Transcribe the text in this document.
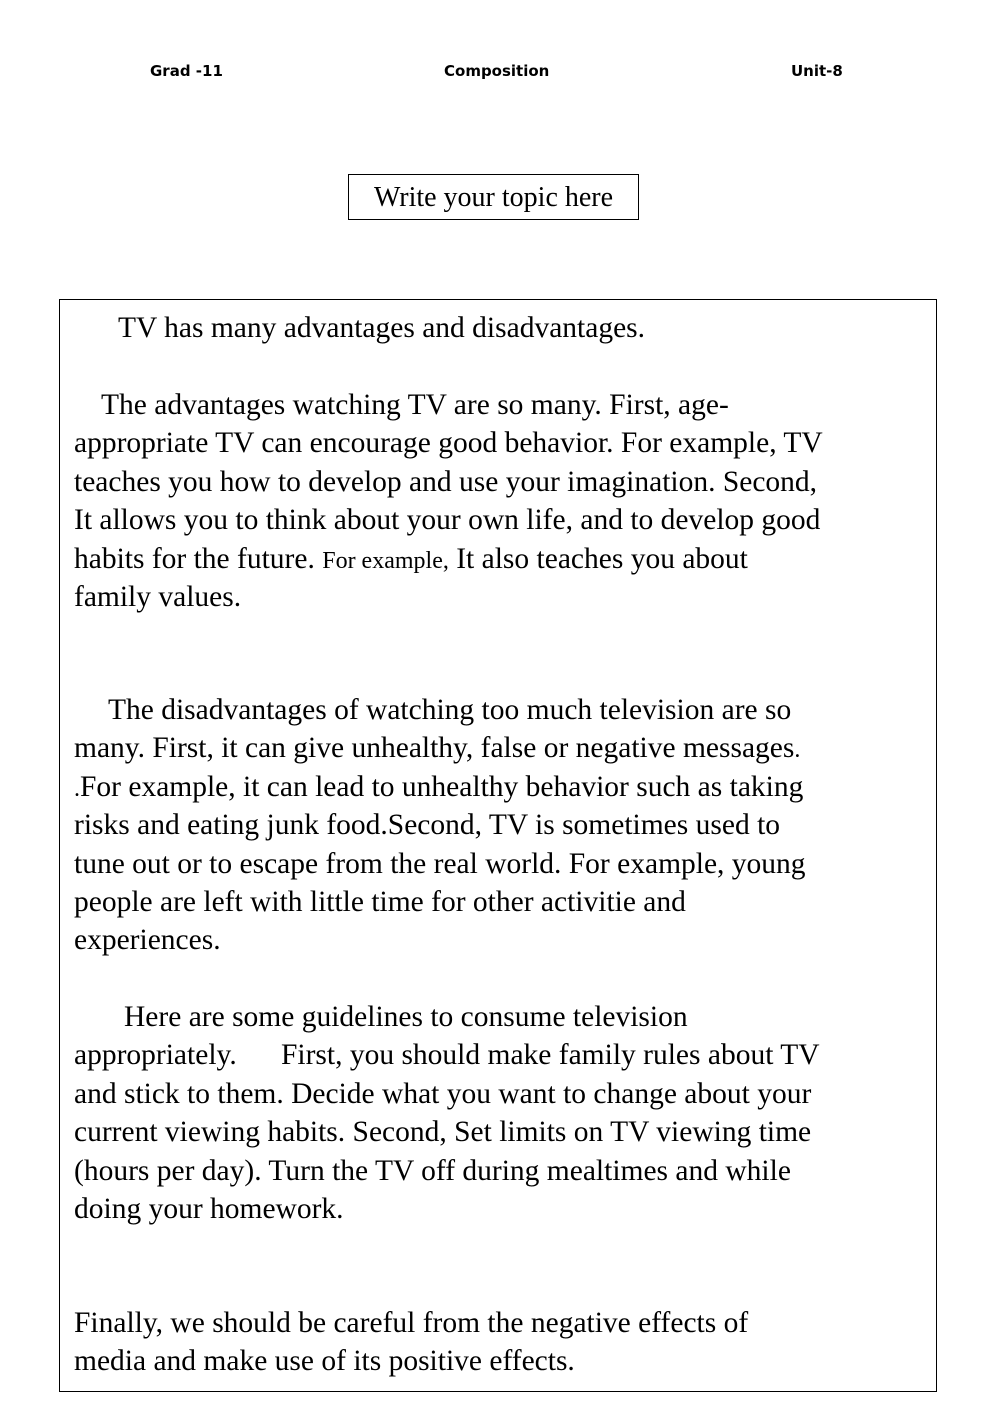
Grad -11	Composition	Unit-8
Write your topic here
TV has many advantages and disadvantages.
The advantages watching TV are so many. First, age-
appropriate TV can encourage good behavior. For example, TV
teaches you how to develop and use your imagination. Second,
It allows you to think about your own life, and to develop good
habits for the future. For example, It also teaches you about
family values.
The disadvantages of watching too much television are so
many. First, it can give unhealthy, false or negative messages.
.For example, it can lead to unhealthy behavior such as taking
risks and eating junk food.Second, TV is sometimes used to
tune out or to escape from the real world. For example, young
people are left with little time for other activitie and
experiences.
Here are some guidelines to consume television
appropriately.      First, you should make family rules about TV
and stick to them. Decide what you want to change about your
current viewing habits. Second, Set limits on TV viewing time
(hours per day). Turn the TV off during mealtimes and while
doing your homework.
Finally, we should be careful from the negative effects of
media and make use of its positive effects.
